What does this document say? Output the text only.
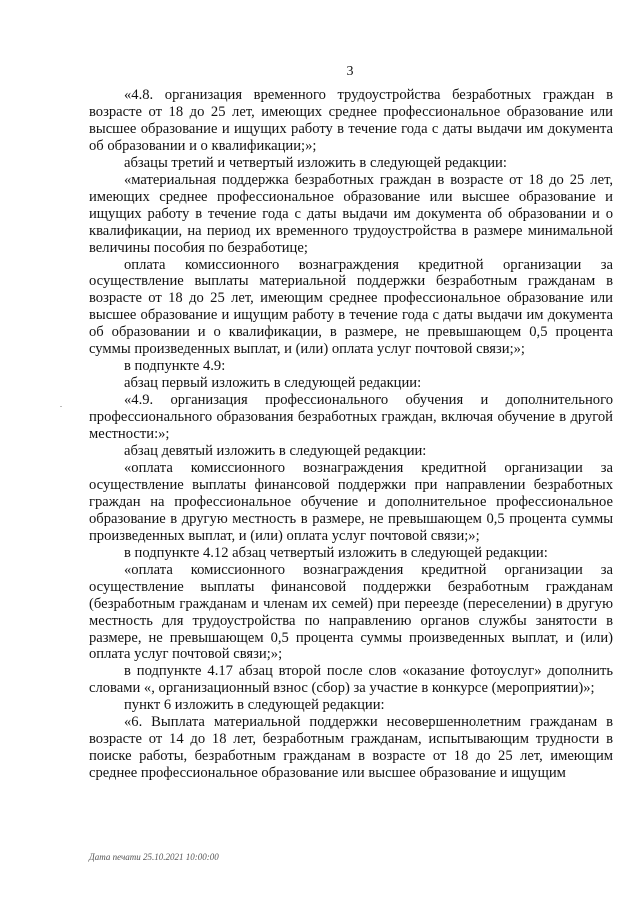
3

«4.8. организация временного трудоустройства безработных граждан в возрасте от 18 до 25 лет, имеющих среднее профессиональное образование или высшее образование и ищущих работу в течение года с даты выдачи им документа об образовании и о квалификации;»;

абзацы третий и четвертый изложить в следующей редакции:

«материальная поддержка безработных граждан в возрасте от 18 до 25 лет, имеющих среднее профессиональное образование или высшее образование и ищущих работу в течение года с даты выдачи им документа об образовании и о квалификации, на период их временного трудоустройства в размере минимальной величины пособия по безработице;

оплата комиссионного вознаграждения кредитной организации за осуществление выплаты материальной поддержки безработным гражданам в возрасте от 18 до 25 лет, имеющим среднее профессиональное образование или высшее образование и ищущим работу в течение года с даты выдачи им документа об образовании и о квалификации, в размере, не превышающем 0,5 процента суммы произведенных выплат, и (или) оплата услуг почтовой связи;»;

в подпункте 4.9:

абзац первый изложить в следующей редакции:

«4.9. организация профессионального обучения и дополнительного профессионального образования безработных граждан, включая обучение в другой местности:»;

абзац девятый изложить в следующей редакции:

«оплата комиссионного вознаграждения кредитной организации за осуществление выплаты финансовой поддержки при направлении безработных граждан на профессиональное обучение и дополнительное профессиональное образование в другую местность в размере, не превышающем 0,5 процента суммы произведенных выплат, и (или) оплата услуг почтовой связи;»;

в подпункте 4.12 абзац четвертый изложить в следующей редакции:

«оплата комиссионного вознаграждения кредитной организации за осуществление выплаты финансовой поддержки безработным гражданам (безработным гражданам и членам их семей) при переезде (переселении) в другую местность для трудоустройства по направлению органов службы занятости в размере, не превышающем 0,5 процента суммы произведенных выплат, и (или) оплата услуг почтовой связи;»;

в подпункте 4.17 абзац второй после слов «оказание фотоуслуг» дополнить словами «, организационный взнос (сбор) за участие в конкурсе (мероприятии)»;

пункт 6 изложить в следующей редакции:

«6. Выплата материальной поддержки несовершеннолетним гражданам в возрасте от 14 до 18 лет, безработным гражданам, испытывающим трудности в поиске работы, безработным гражданам в возрасте от 18 до 25 лет, имеющим среднее профессиональное образование или высшее образование и ищущим

Дата печати 25.10.2021 10:00:00
